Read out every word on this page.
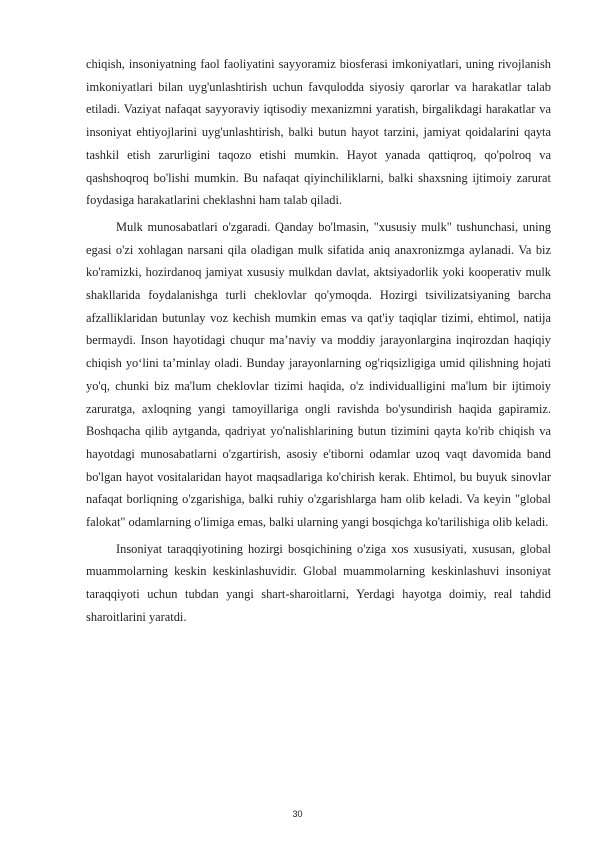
chiqish, insoniyatning faol faoliyatini sayyoramiz biosferasi imkoniyatlari, uning rivojlanish imkoniyatlari bilan uyg'unlashtirish uchun favqulodda siyosiy qarorlar va harakatlar talab etiladi. Vaziyat nafaqat sayyoraviy iqtisodiy mexanizmni yaratish, birgalikdagi harakatlar va insoniyat ehtiyojlarini uyg'unlashtirish, balki butun hayot tarzini, jamiyat qoidalarini qayta tashkil etish zarurligini taqozo etishi mumkin. Hayot yanada qattiqroq, qo'polroq va qashshoqroq bo'lishi mumkin. Bu nafaqat qiyinchiliklarni, balki shaxsning ijtimoiy zarurat foydasiga harakatlarini cheklashni ham talab qiladi.

Mulk munosabatlari o'zgaradi. Qanday bo'lmasin, "xususiy mulk" tushunchasi, uning egasi o'zi xohlagan narsani qila oladigan mulk sifatida aniq anaxronizmga aylanadi. Va biz ko'ramizki, hozirdanoq jamiyat xususiy mulkdan davlat, aktsiyadorlik yoki kooperativ mulk shakllarida foydalanishga turli cheklovlar qo'ymoqda. Hozirgi tsivilizatsiyaning barcha afzalliklaridan butunlay voz kechish mumkin emas va qat'iy taqiqlar tizimi, ehtimol, natija bermaydi. Inson hayotidagi chuqur ma’naviy va moddiy jarayonlargina inqirozdan haqiqiy chiqish yo‘lini ta’minlay oladi. Bunday jarayonlarning og'riqsizligiga umid qilishning hojati yo'q, chunki biz ma'lum cheklovlar tizimi haqida, o'z individualligini ma'lum bir ijtimoiy zaruratga, axloqning yangi tamoyillariga ongli ravishda bo'ysundirish haqida gapiramiz. Boshqacha qilib aytganda, qadriyat yo'nalishlarining butun tizimini qayta ko'rib chiqish va hayotdagi munosabatlarni o'zgartirish, asosiy e'tiborni odamlar uzoq vaqt davomida band bo'lgan hayot vositalaridan hayot maqsadlariga ko'chirish kerak. Ehtimol, bu buyuk sinovlar nafaqat borliqning o'zgarishiga, balki ruhiy o'zgarishlarga ham olib keladi. Va keyin "global falokat" odamlarning o'limiga emas, balki ularning yangi bosqichga ko'tarilishiga olib keladi.

Insoniyat taraqqiyotining hozirgi bosqichining o'ziga xos xususiyati, xususan, global muammolarning keskin keskinlashuvidir. Global muammolarning keskinlashuvi insoniyat taraqqiyoti uchun tubdan yangi shart-sharoitlarni, Yerdagi hayotga doimiy, real tahdid sharoitlarini yaratdi.

30
